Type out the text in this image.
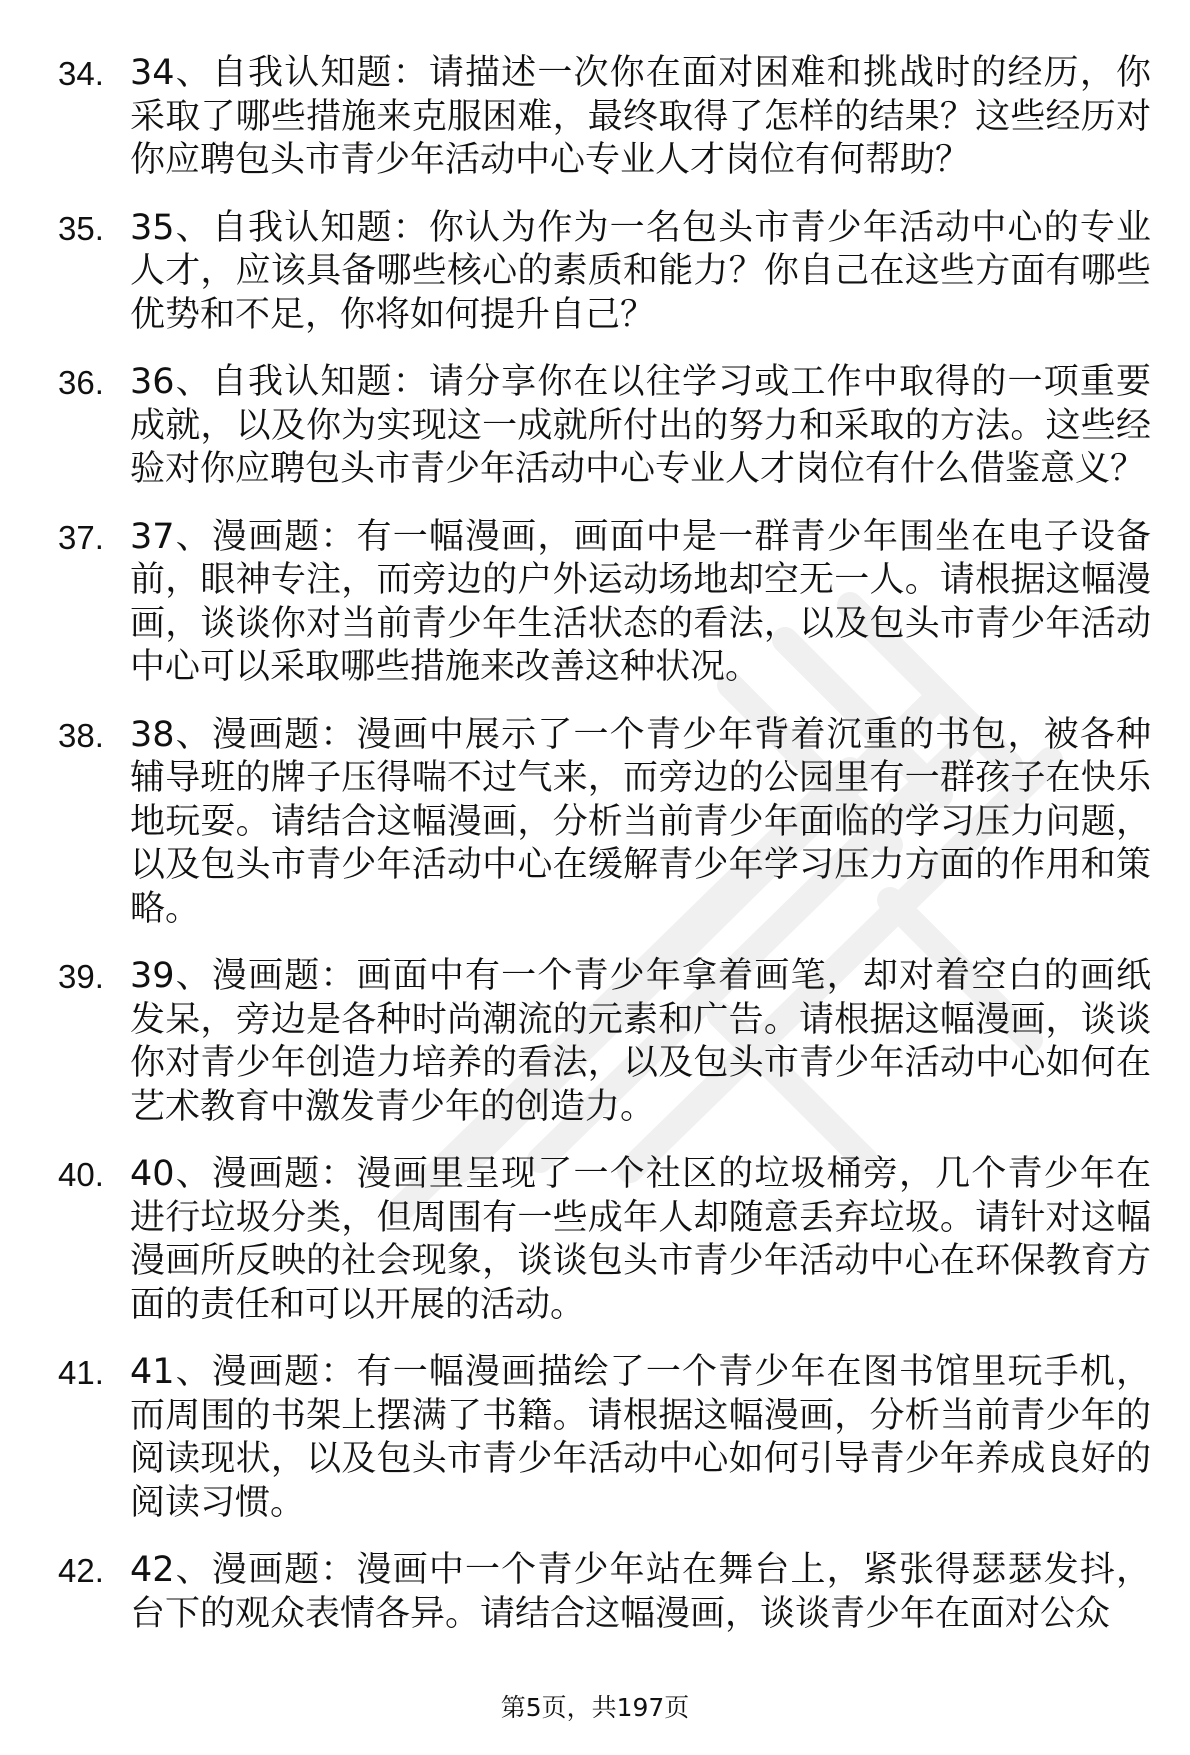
34. 34、自我认知题：请描述一次你在面对困难和挑战时的经历，你采取了哪些措施来克服困难，最终取得了怎样的结果？这些经历对你应聘包头市青少年活动中心专业人才岗位有何帮助？
35. 35、自我认知题：你认为作为一名包头市青少年活动中心的专业人才，应该具备哪些核心的素质和能力？你自己在这些方面有哪些优势和不足，你将如何提升自己？
36. 36、自我认知题：请分享你在以往学习或工作中取得的一项重要成就，以及你为实现这一成就所付出的努力和采取的方法。这些经验对你应聘包头市青少年活动中心专业人才岗位有什么借鉴意义？
37. 37、漫画题：有一幅漫画，画面中是一群青少年围坐在电子设备前，眼神专注，而旁边的户外运动场地却空无一人。请根据这幅漫画，谈谈你对当前青少年生活状态的看法，以及包头市青少年活动中心可以采取哪些措施来改善这种状况。
38. 38、漫画题：漫画中展示了一个青少年背着沉重的书包，被各种辅导班的牌子压得喘不过气来，而旁边的公园里有一群孩子在快乐地玩耍。请结合这幅漫画，分析当前青少年面临的学习压力问题，以及包头市青少年活动中心在缓解青少年学习压力方面的作用和策略。
39. 39、漫画题：画面中有一个青少年拿着画笔，却对着空白的画纸发呆，旁边是各种时尚潮流的元素和广告。请根据这幅漫画，谈谈你对青少年创造力培养的看法，以及包头市青少年活动中心如何在艺术教育中激发青少年的创造力。
40. 40、漫画题：漫画里呈现了一个社区的垃圾桶旁，几个青少年在进行垃圾分类，但周围有一些成年人却随意丢弃垃圾。请针对这幅漫画所反映的社会现象，谈谈包头市青少年活动中心在环保教育方面的责任和可以开展的活动。
41. 41、漫画题：有一幅漫画描绘了一个青少年在图书馆里玩手机，而周围的书架上摆满了书籍。请根据这幅漫画，分析当前青少年的阅读现状，以及包头市青少年活动中心如何引导青少年养成良好的阅读习惯。
42. 42、漫画题：漫画中一个青少年站在舞台上，紧张得瑟瑟发抖，台下的观众表情各异。请结合这幅漫画，谈谈青少年在面对公众
第5页，共197页
